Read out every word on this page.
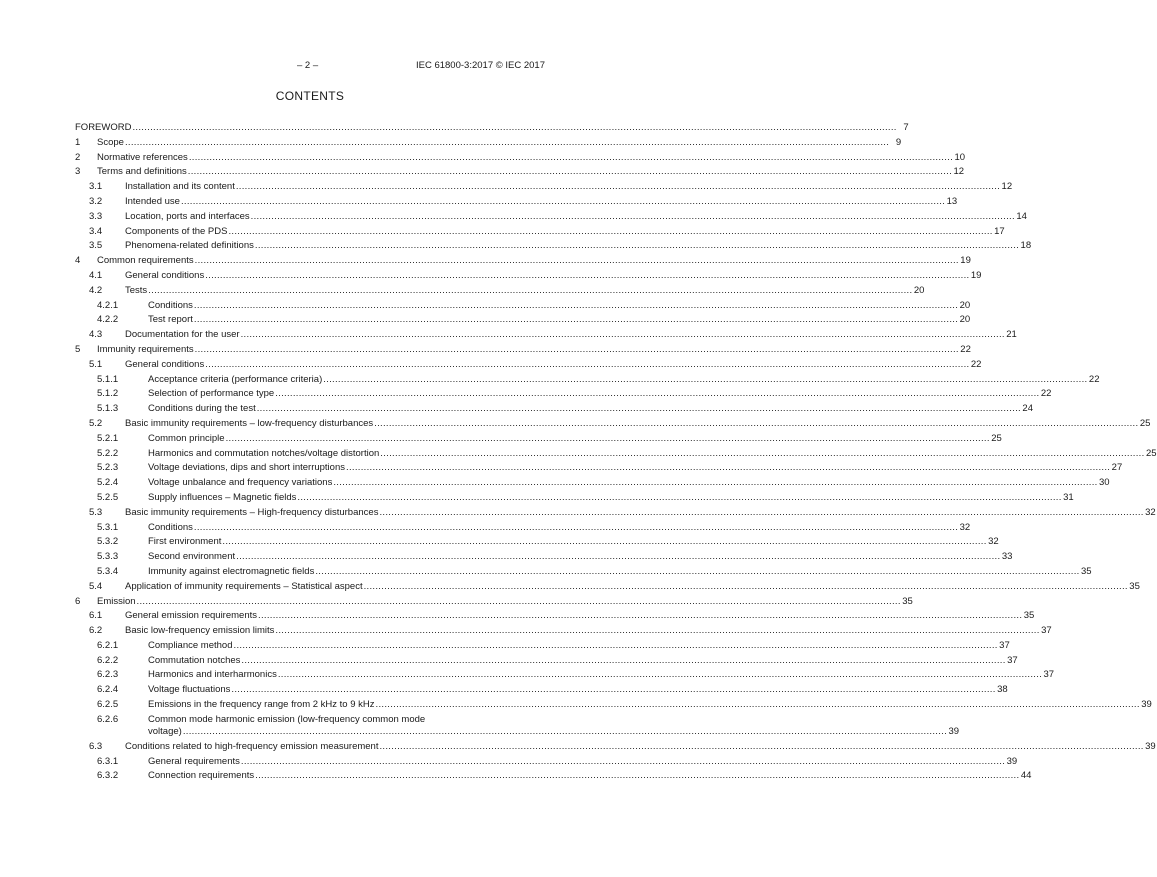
– 2 –	IEC 61800-3:2017 © IEC 2017
CONTENTS
FOREWORD .................................................................................................................................................................................................................................................................... 7
1 Scope .................................................................................................................................................................................................................................................................... 9
2 Normative references .................................................................................................................................................................................................................................................................... 10
3 Terms and definitions .................................................................................................................................................................................................................................................................... 12
3.1 Installation and its content .................................................................................................................................................................................................................................................................... 12
3.2 Intended use .................................................................................................................................................................................................................................................................... 13
3.3 Location, ports and interfaces .................................................................................................................................................................................................................................................................... 14
3.4 Components of the PDS .................................................................................................................................................................................................................................................................... 17
3.5 Phenomena-related definitions .................................................................................................................................................................................................................................................................... 18
4 Common requirements .................................................................................................................................................................................................................................................................... 19
4.1 General conditions .................................................................................................................................................................................................................................................................... 19
4.2 Tests .................................................................................................................................................................................................................................................................... 20
4.2.1	Conditions .................................................................................................................................................................................................................................................................... 20
4.2.2	Test report .................................................................................................................................................................................................................................................................... 20
4.3 Documentation for the user .................................................................................................................................................................................................................................................................... 21
5 Immunity requirements .................................................................................................................................................................................................................................................................... 22
5.1 General conditions .................................................................................................................................................................................................................................................................... 22
5.1.1	Acceptance criteria (performance criteria) .................................................................................................................................................................................................................................................................... 22
5.1.2	Selection of performance type .................................................................................................................................................................................................................................................................... 22
5.1.3	Conditions during the test .................................................................................................................................................................................................................................................................... 24
5.2 Basic immunity requirements – low-frequency disturbances .................................................................................................................................................................................................................................................................... 25
5.2.1	Common principle .................................................................................................................................................................................................................................................................... 25
5.2.2	Harmonics and commutation notches/voltage distortion .................................................................................................................................................................................................................................................................... 25
5.2.3	Voltage deviations, dips and short interruptions .................................................................................................................................................................................................................................................................... 27
5.2.4	Voltage unbalance and frequency variations .................................................................................................................................................................................................................................................................... 30
5.2.5	Supply influences – Magnetic fields .................................................................................................................................................................................................................................................................... 31
5.3 Basic immunity requirements – High-frequency disturbances .................................................................................................................................................................................................................................................................... 32
5.3.1	Conditions .................................................................................................................................................................................................................................................................... 32
5.3.2	First environment .................................................................................................................................................................................................................................................................... 32
5.3.3	Second environment .................................................................................................................................................................................................................................................................... 33
5.3.4	Immunity against electromagnetic fields .................................................................................................................................................................................................................................................................... 35
5.4 Application of immunity requirements – Statistical aspect .................................................................................................................................................................................................................................................................... 35
6 Emission .................................................................................................................................................................................................................................................................... 35
6.1 General emission requirements .................................................................................................................................................................................................................................................................... 35
6.2 Basic low-frequency emission limits .................................................................................................................................................................................................................................................................... 37
6.2.1	Compliance method .................................................................................................................................................................................................................................................................... 37
6.2.2	Commutation notches .................................................................................................................................................................................................................................................................... 37
6.2.3	Harmonics and interharmonics .................................................................................................................................................................................................................................................................... 37
6.2.4	Voltage fluctuations .................................................................................................................................................................................................................................................................... 38
6.2.5	Emissions in the frequency range from 2 kHz to 9 kHz .................................................................................................................................................................................................................................................................... 39
6.2.6	Common mode harmonic emission (low-frequency common mode
voltage) .................................................................................................................................................................................................................................................................... 39
6.3 Conditions related to high-frequency emission measurement .................................................................................................................................................................................................................................................................... 39
6.3.1	General requirements .................................................................................................................................................................................................................................................................... 39
6.3.2	Connection requirements .................................................................................................................................................................................................................................................................... 44
